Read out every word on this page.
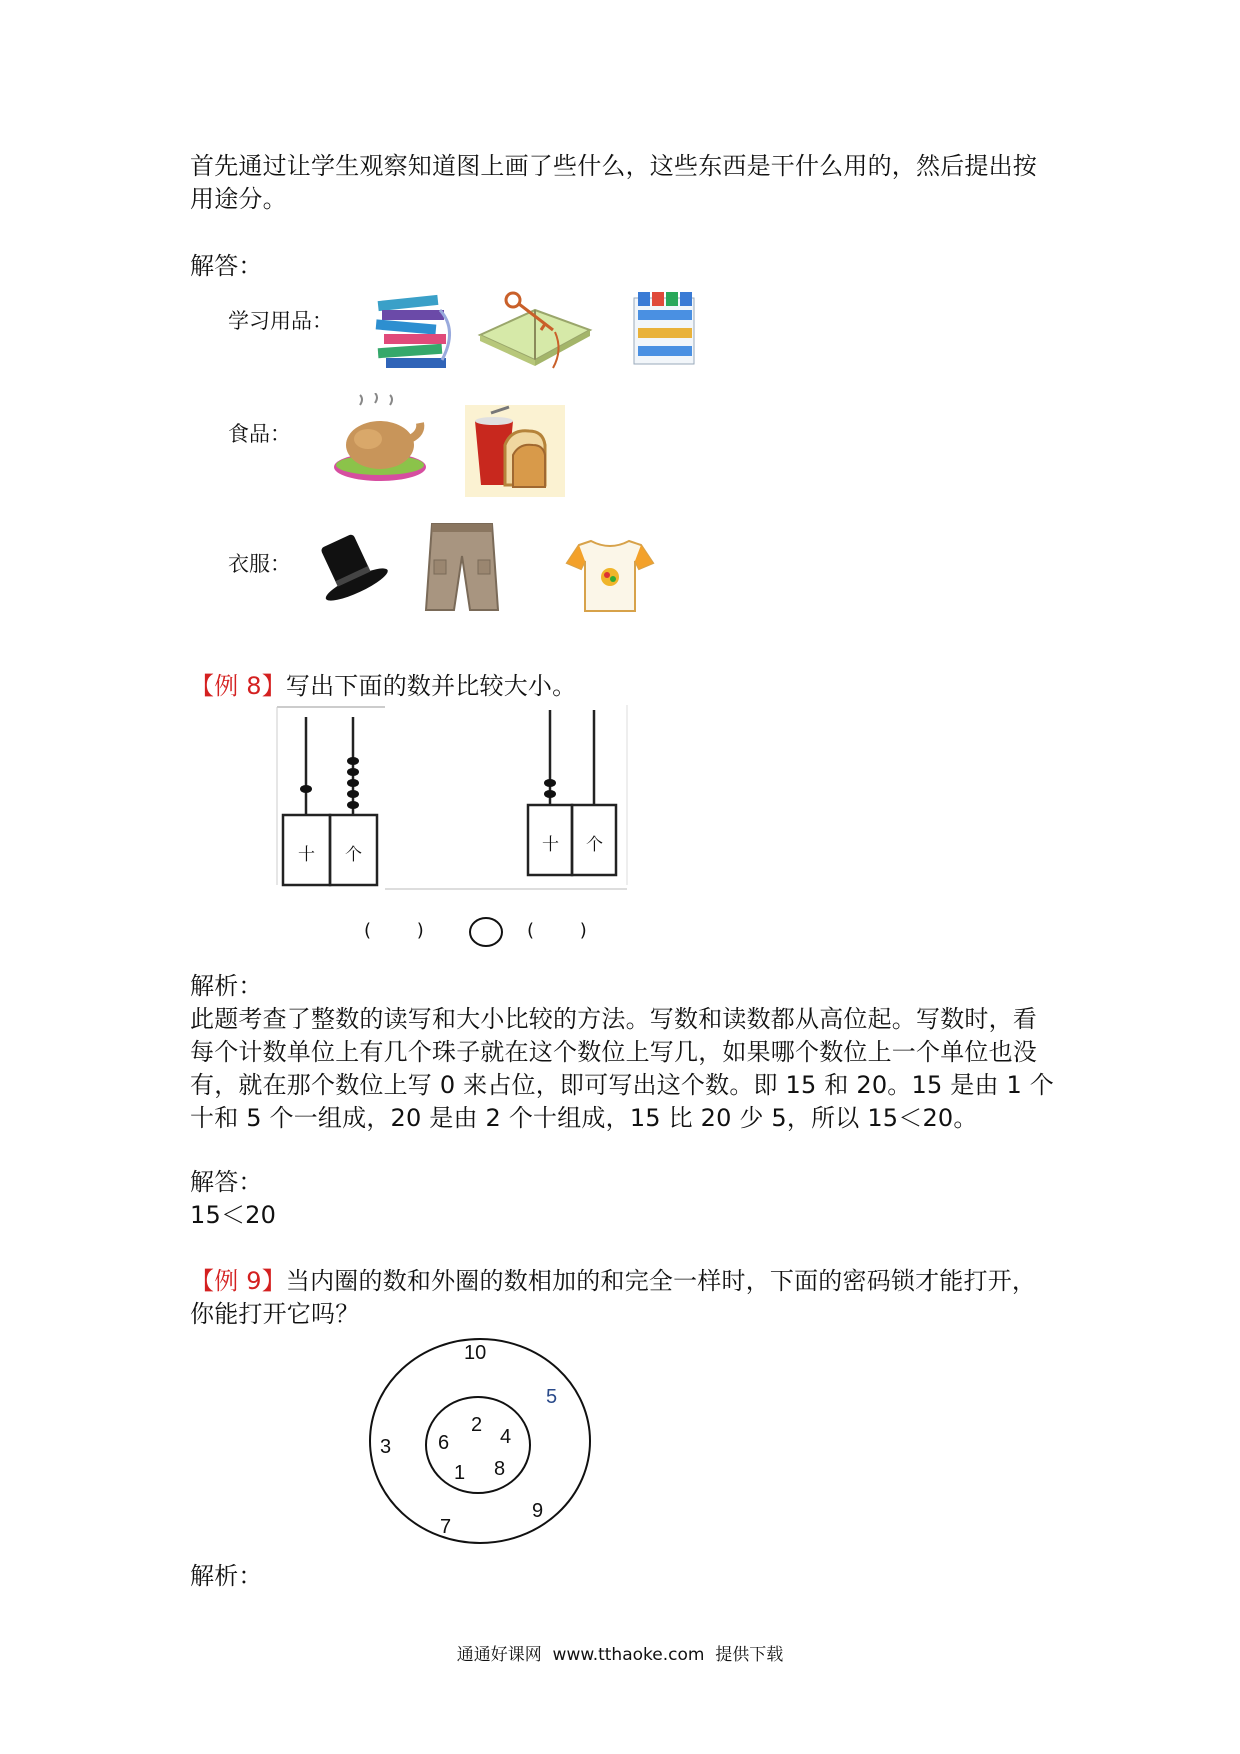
首先通过让学生观察知道图上画了些什么，这些东西是干什么用的，然后提出按用途分。
解答：
学习用品：
食品：
衣服：
【例 8】写出下面的数并比较大小。
十 个	十 个
(        )	(        )
解析：
此题考查了整数的读写和大小比较的方法。写数和读数都从高位起。写数时，看每个计数单位上有几个珠子就在这个数位上写几，如果哪个数位上一个单位也没有，就在那个数位上写 0 来占位，即可写出这个数。即 15 和 20。15 是由 1 个十和 5 个一组成，20 是由 2 个十组成，15 比 20 少 5，所以 15＜20。
解答：
15＜20
【例 9】当内圈的数和外圈的数相加的和完全一样时，下面的密码锁才能打开，你能打开它吗？
10
5
3
9
7
2
4
6
1 8
解析：
通通好课网  www.tthaoke.com  提供下载
